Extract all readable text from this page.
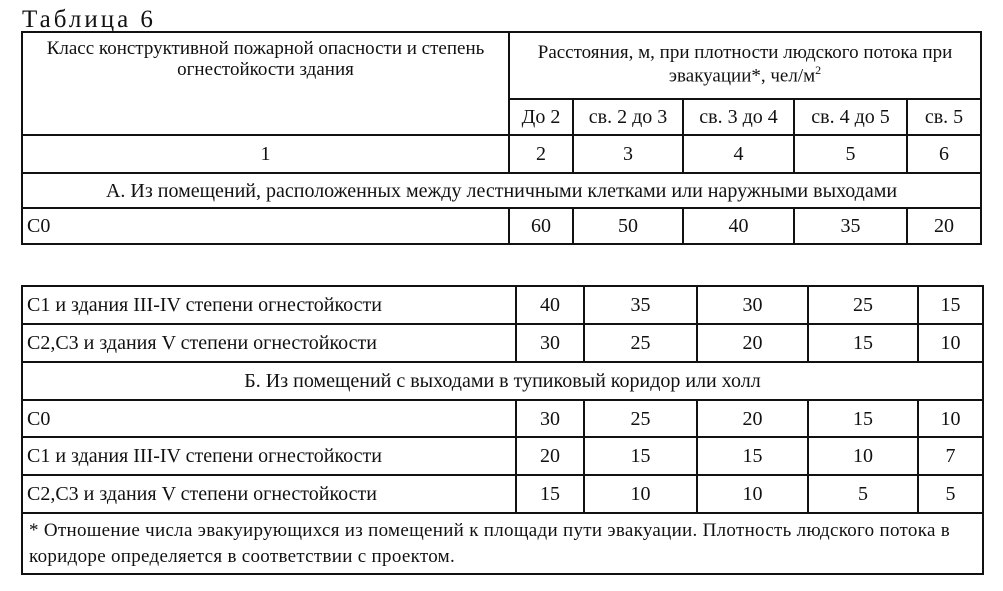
Таблица 6
Класс конструктивной пожарной опасности и степень огнестойкости здания	Расстояния, м, при плотности людского потока при эвакуации*, чел/$м^2$
	До 2	св. 2 до 3	св. 3 до 4	св. 4 до 5	св. 5
1	2	3	4	5	6
А. Из помещений, расположенных между лестничными клетками или наружными выходами					
С0	60	50	40	35	20
С1 и здания III-IV степени огнестойкости	40	35	30	25	15
С2,С3 и здания V степени огнестойкости	30	25	20	15	10
Б. Из помещений с выходами в тупиковый коридор или холл					
С0	30	25	20	15	10
С1 и здания III-IV степени огнестойкости	20	15	15	10	7
С2,С3 и здания V степени огнестойкости	15	10	10	5	5
* Отношение числа эвакуирующихся из помещений к площади пути эвакуации. Плотность людского потока в коридоре определяется в соответствии с проектом.					
